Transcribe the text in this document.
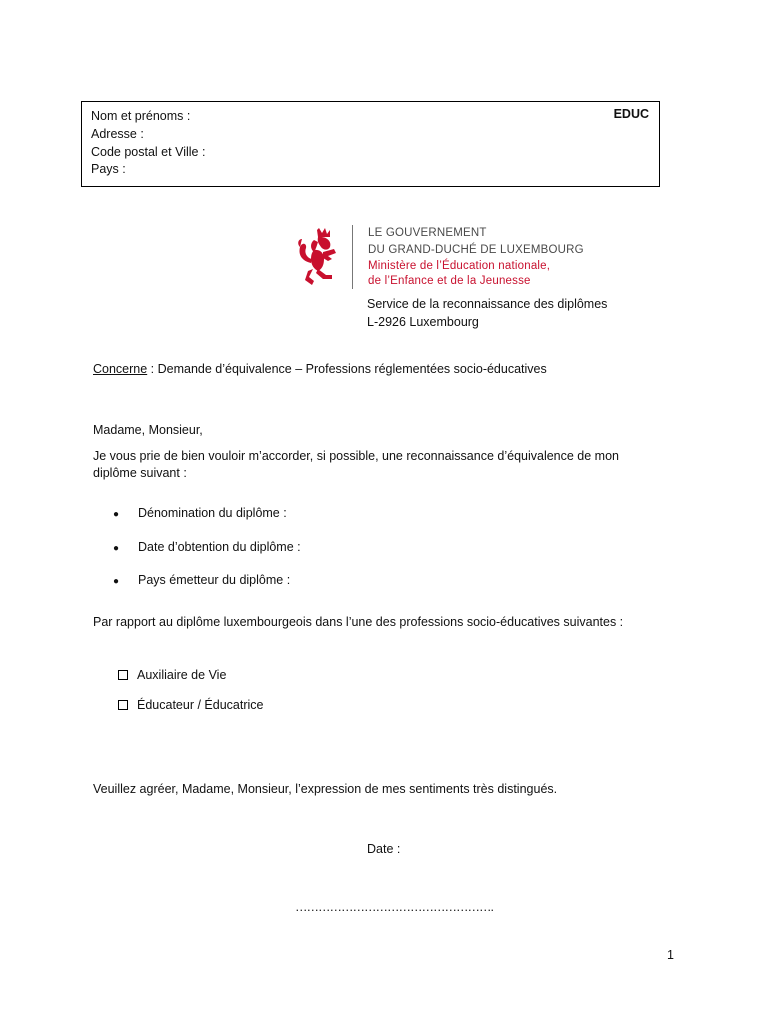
Nom et prénoms :
Adresse :
Code postal et Ville :
Pays :
EDUC
LE GOUVERNEMENT
DU GRAND-DUCHÉ DE LUXEMBOURG
Ministère de l’Éducation nationale,
de l’Enfance et de la Jeunesse
Service de la reconnaissance des diplômes
L-2926 Luxembourg
Concerne : Demande d’équivalence – Professions réglementées socio-éducatives
Madame, Monsieur,
Je vous prie de bien vouloir m’accorder, si possible, une reconnaissance d’équivalence de mon diplôme suivant :
● Dénomination du diplôme :
● Date d’obtention du diplôme :
● Pays émetteur du diplôme :
Par rapport au diplôme luxembourgeois dans l’une des professions socio-éducatives suivantes :
Auxiliaire de Vie
Éducateur / Éducatrice
Veuillez agréer, Madame, Monsieur, l’expression de mes sentiments très distingués.
Date :
…………………………………………….
1
